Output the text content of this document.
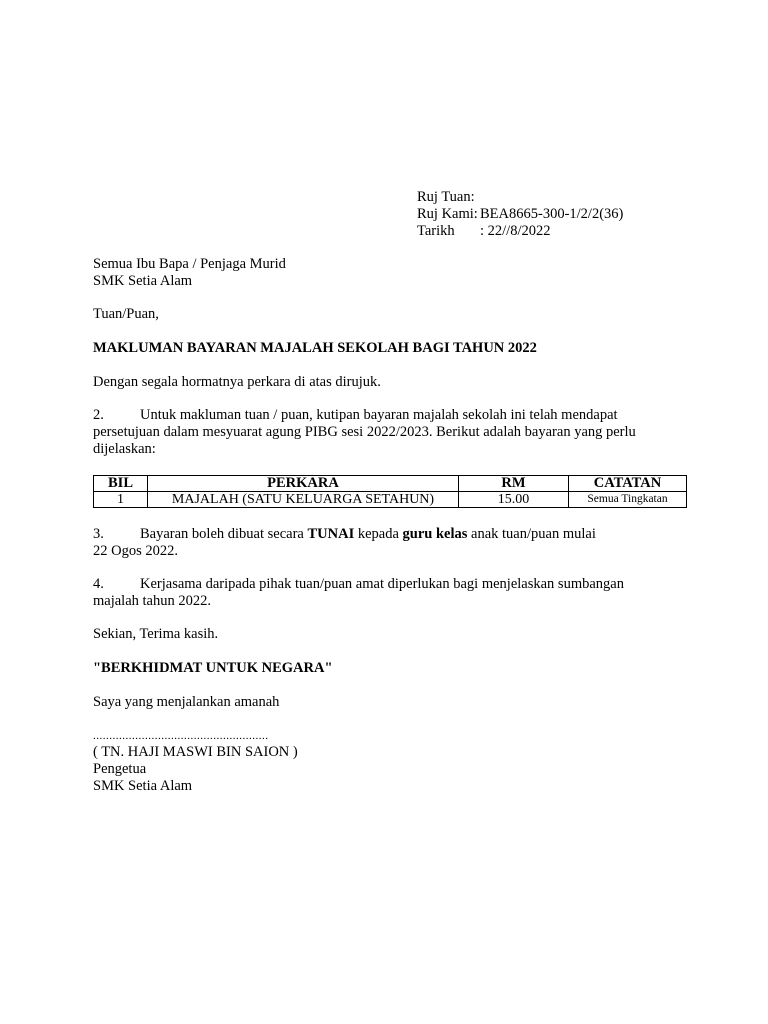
Ruj Tuan:	
Ruj Kami:	BEA8665-300-1/2/2(36)
Tarikh	: 22//8/2022
Semua Ibu Bapa / Penjaga Murid
SMK Setia Alam
Tuan/Puan,
MAKLUMAN BAYARAN MAJALAH SEKOLAH BAGI TAHUN 2022
Dengan segala hormatnya perkara di atas dirujuk.
2. Untuk makluman tuan / puan, kutipan bayaran majalah sekolah ini telah mendapat
persetujuan dalam mesyuarat agung PIBG sesi 2022/2023. Berikut adalah bayaran yang perlu
dijelaskan:
BIL	PERKARA	RM	CATATAN
1	MAJALAH (SATU KELUARGA SETAHUN)	15.00	Semua Tingkatan
3. Bayaran boleh dibuat secara TUNAI kepada guru kelas anak tuan/puan mulai
22 Ogos 2022.
4. Kerjasama daripada pihak tuan/puan amat diperlukan bagi menjelaskan sumbangan
majalah tahun 2022.
Sekian, Terima kasih.
"BERKHIDMAT UNTUK NEGARA"
Saya yang menjalankan amanah
......................................................
( TN. HAJI MASWI BIN SAION )
Pengetua
SMK Setia Alam
